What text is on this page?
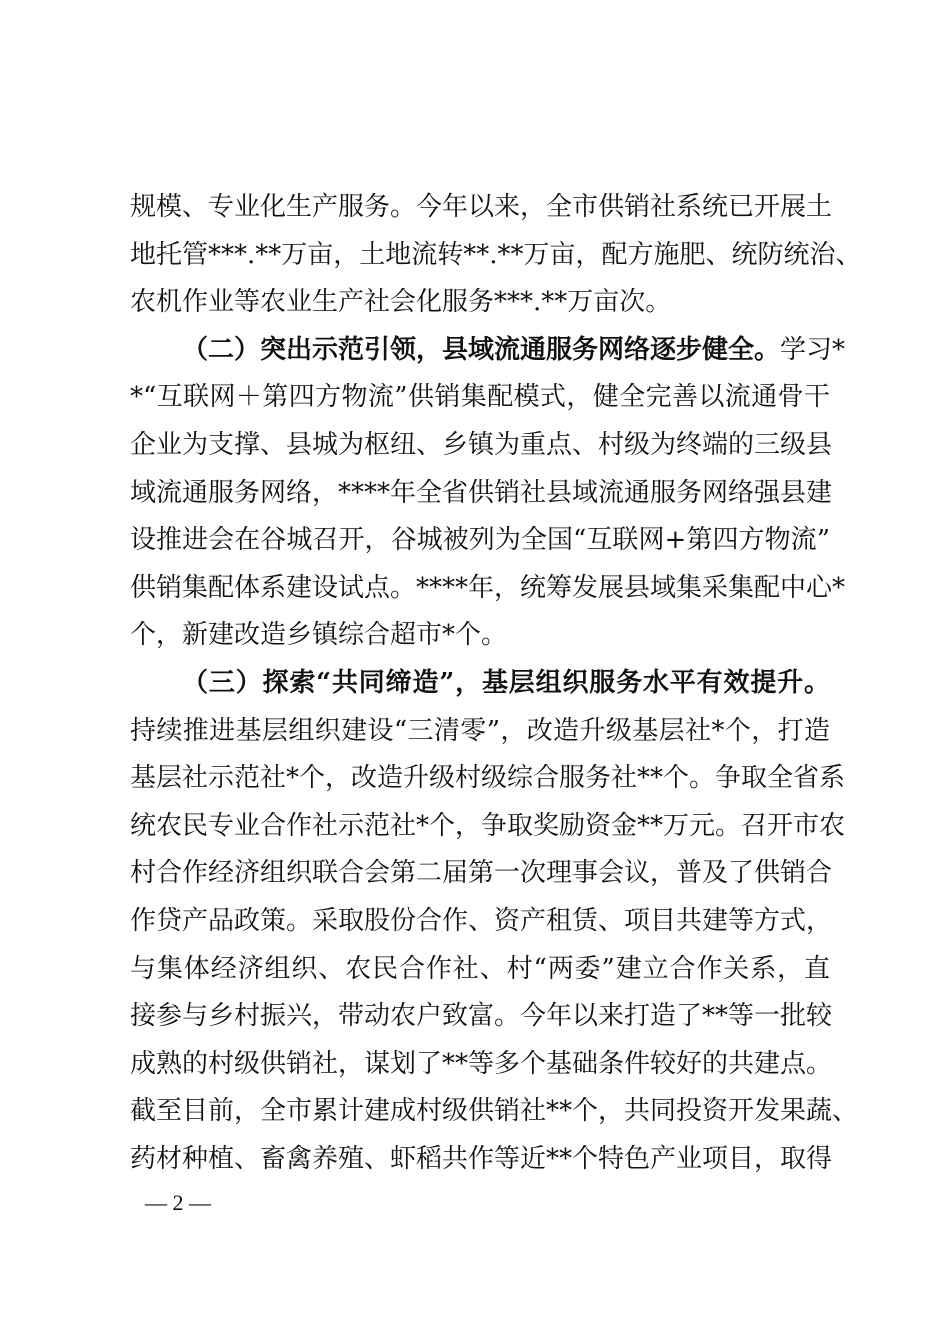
规模、专业化生产服务。今年以来，全市供销社系统已开展土
地托管***.**万亩，土地流转**.**万亩，配方施肥、统防统治、
农机作业等农业生产社会化服务***.**万亩次。
（二）突出示范引领，县域流通服务网络逐步健全。学习*
*“互联网＋第四方物流”供销集配模式，健全完善以流通骨干
企业为支撑、县城为枢纽、乡镇为重点、村级为终端的三级县
域流通服务网络，****年全省供销社县域流通服务网络强县建
设推进会在谷城召开，谷城被列为全国“互联网+第四方物流”
供销集配体系建设试点。****年，统筹发展县域集采集配中心*
个，新建改造乡镇综合超市*个。
（三）探索“共同缔造”，基层组织服务水平有效提升。
持续推进基层组织建设“三清零”，改造升级基层社*个，打造
基层社示范社*个，改造升级村级综合服务社**个。争取全省系
统农民专业合作社示范社*个，争取奖励资金**万元。召开市农
村合作经济组织联合会第二届第一次理事会议，普及了供销合
作贷产品政策。采取股份合作、资产租赁、项目共建等方式，
与集体经济组织、农民合作社、村“两委”建立合作关系，直
接参与乡村振兴，带动农户致富。今年以来打造了**等一批较
成熟的村级供销社，谋划了**等多个基础条件较好的共建点。
截至目前，全市累计建成村级供销社**个，共同投资开发果蔬、
药材种植、畜禽养殖、虾稻共作等近**个特色产业项目，取得
— 2 —
